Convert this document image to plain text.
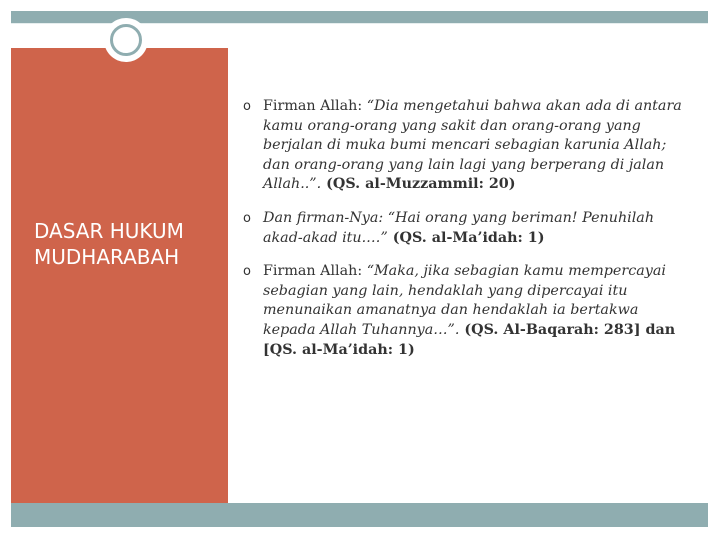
DASAR HUKUM
MUDHARABAH
o Firman Allah: “Dia mengetahui bahwa akan ada di antara kamu orang-orang yang sakit dan orang-orang yang berjalan di muka bumi mencari sebagian karunia Allah; dan orang-orang yang lain lagi yang berperang di jalan Allah..”. (QS. al-Muzzammil: 20)
o Dan firman-Nya: “Hai orang yang beriman! Penuhilah akad-akad itu.…” (QS. al-Ma’idah: 1)
o Firman Allah: “Maka, jika sebagian kamu mempercayai sebagian yang lain, hendaklah yang dipercayai itu menunaikan amanatnya dan hendaklah ia bertakwa kepada Allah Tuhannya…”. (QS. Al-Baqarah: 283] dan [QS. al-Ma’idah: 1)
